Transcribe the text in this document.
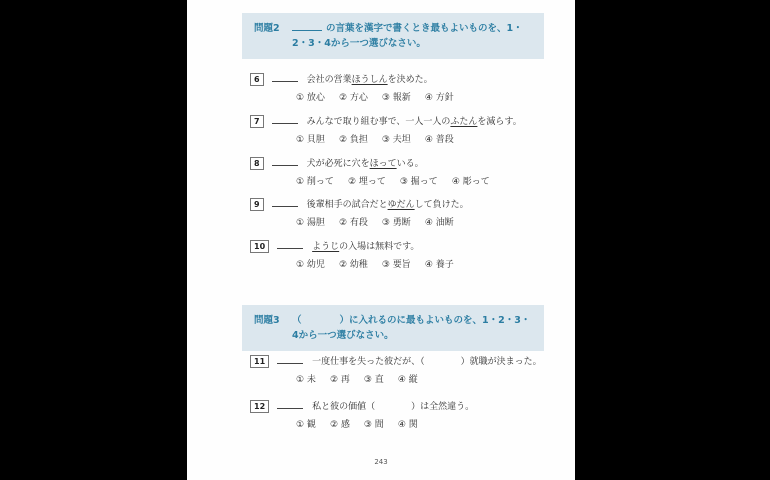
問題2	の言葉を漢字で書くとき最もよいものを、1・2・3・4から一つ選びなさい。
6	会社の営業ほうしんを決めた。
① 放心 ② 方心 ③ 報新 ④ 方針
7	みんなで取り組む事で、一人一人のふたんを減らす。
① 貝胆 ② 負担 ③ 夫坦 ④ 普段
8	犬が必死に穴をほっている。
① 削って ② 埋って ③ 掘って ④ 彫って
9	後輩相手の試合だとゆだんして負けた。
① 湯胆 ② 有段 ③ 勇断 ④ 油断
10	ようじの入場は無料です。
① 幼児 ② 幼稚 ③ 要旨 ④ 養子
問題3	（　　　　）に入れるのに最もよいものを、1・2・3・4から一つ選びなさい。
11	一度仕事を失った彼だが、（　　　　）就職が決まった。
① 未 ② 再 ③ 直 ④ 縦
12	私と彼の価値（　　　　）は全然違う。
① 観 ② 感 ③ 間 ④ 関
243
